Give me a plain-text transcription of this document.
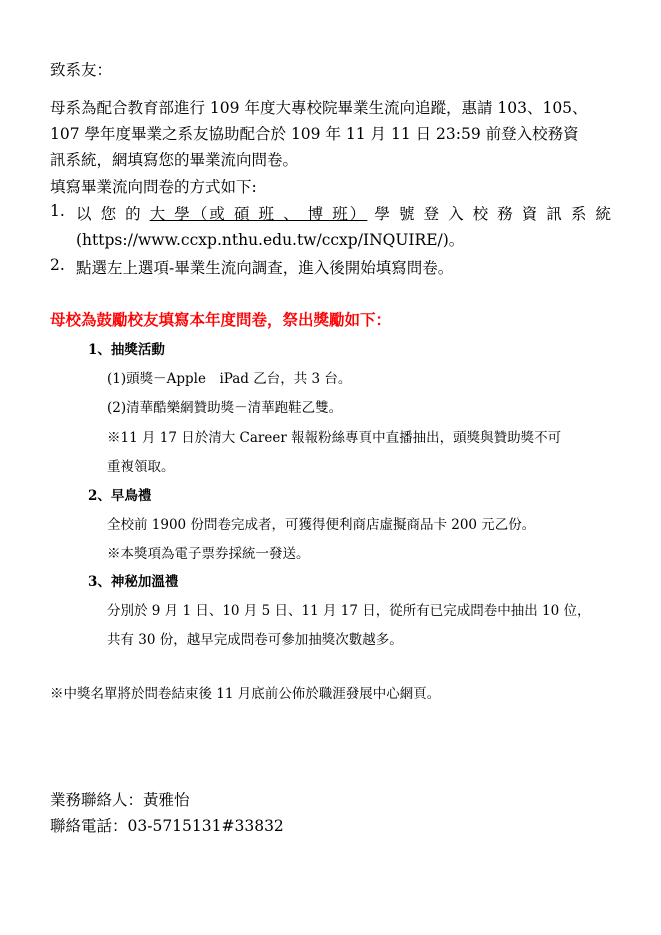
致系友：
母系為配合教育部進行 109 年度大專校院畢業生流向追蹤，惠請 103、105、
107 學年度畢業之系友協助配合於 109 年 11 月 11 日 23:59 前登入校務資
訊系統，網填寫您的畢業流向問卷。
填寫畢業流向問卷的方式如下:
1. 以 您 的 大 學（或 碩 班 、 博 班） 學 號 登 入 校 務 資 訊 系 統
(https://www.ccxp.nthu.edu.tw/ccxp/INQUIRE/)。
2. 點選左上選項-畢業生流向調查，進入後開始填寫問卷。
母校為鼓勵校友填寫本年度問卷，祭出獎勵如下：
1、抽獎活動
(1)頭獎－Apple　iPad 乙台，共 3 台。
(2)清華酷樂網贊助獎－清華跑鞋乙雙。
※11 月 17 日於清大 Career 報報粉絲專頁中直播抽出，頭獎與贊助獎不可
重複領取。
2、早鳥禮
全校前 1900 份問卷完成者，可獲得便利商店虛擬商品卡 200 元乙份。
※本獎項為電子票券採統一發送。
3、神秘加溫禮
分別於 9 月 1 日、10 月 5 日、11 月 17 日，從所有已完成問卷中抽出 10 位，
共有 30 份，越早完成問卷可參加抽獎次數越多。
※中獎名單將於問卷結束後 11 月底前公佈於職涯發展中心網頁。
業務聯絡人：黃雅怡
聯絡電話：03-5715131#33832
